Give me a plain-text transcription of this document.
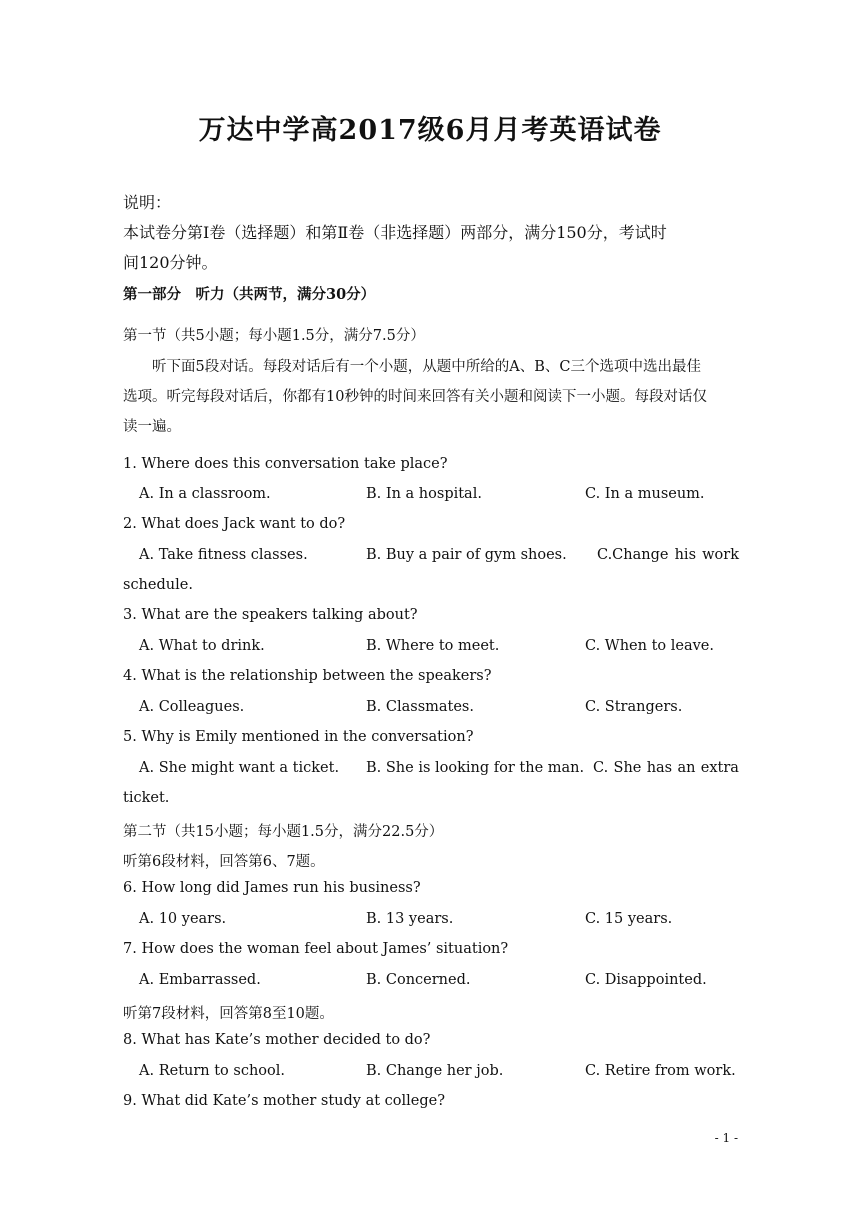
万达中学高2017级6月月考英语试卷
说明：
本试卷分第Ⅰ卷（选择题）和第Ⅱ卷（非选择题）两部分，满分150分，考试时
间120分钟。
第一部分　听力（共两节，满分30分）
第一节（共5小题；每小题1.5分，满分7.5分）
听下面5段对话。每段对话后有一个小题，从题中所给的A、B、C三个选项中选出最佳
选项。听完每段对话后，你都有10秒钟的时间来回答有关小题和阅读下一小题。每段对话仅
读一遍。
1. Where does this conversation take place?
A. In a classroom.	B. In a hospital.	C. In a museum.
2. What does Jack want to do?
A. Take fitness classes.	B. Buy a pair of gym shoes. C.Change his work
schedule.
3. What are the speakers talking about?
A. What to drink.	B. Where to meet.	C. When to leave.
4. What is the relationship between the speakers?
A. Colleagues.	B. Classmates.	C. Strangers.
5. Why is Emily mentioned in the conversation?
A. She might want a ticket. B. She is looking for the man. C. She has an extra
ticket.
第二节（共15小题；每小题1.5分，满分22.5分）
听第6段材料，回答第6、7题。
6. How long did James run his business?
A. 10 years.	B. 13 years.	C. 15 years.
7. How does the woman feel about James’ situation?
A. Embarrassed.	B. Concerned.	C. Disappointed.
听第7段材料，回答第8至10题。
8. What has Kate’s mother decided to do?
A. Return to school.	B. Change her job.	C. Retire from work.
9. What did Kate’s mother study at college?
- 1 -
